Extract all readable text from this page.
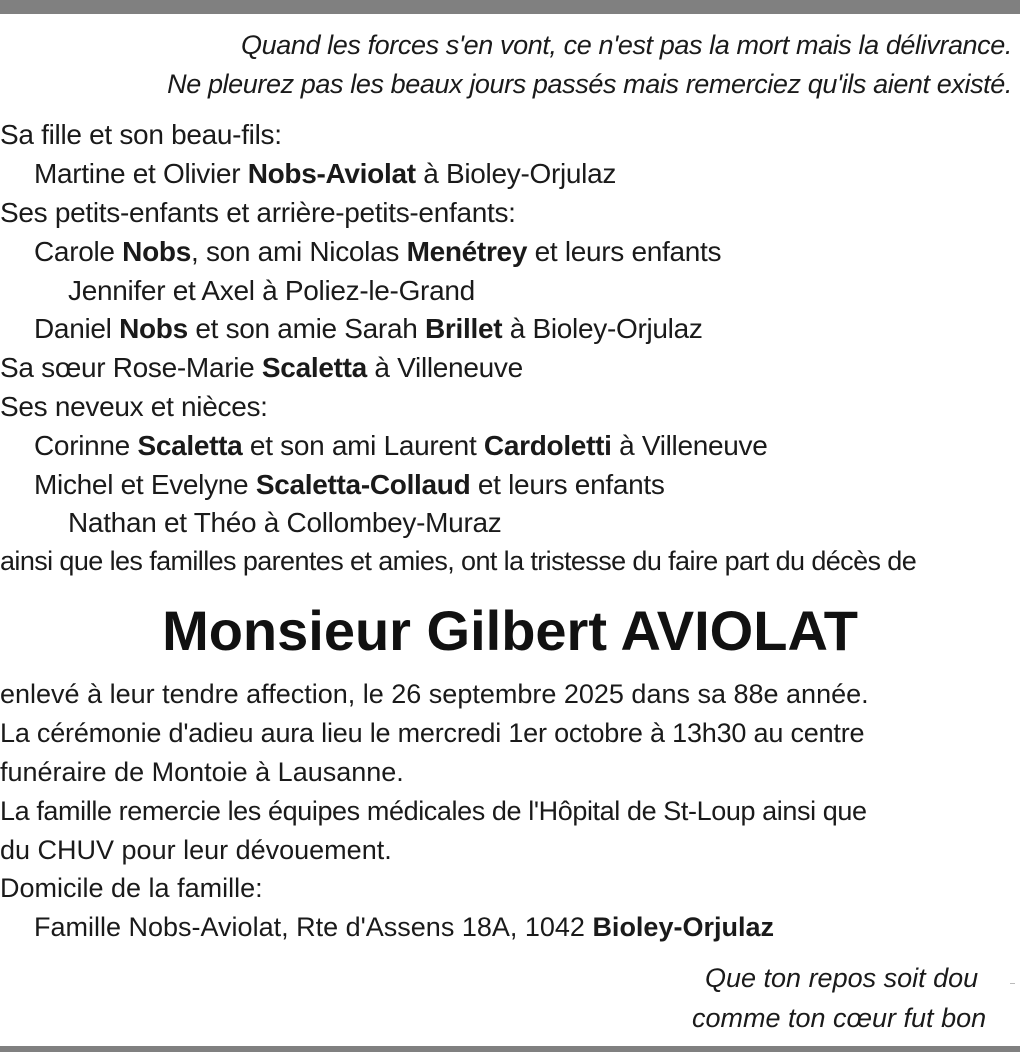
Quand les forces s'en vont, ce n'est pas la mort mais la délivrance.
Ne pleurez pas les beaux jours passés mais remerciez qu'ils aient existé.
Sa fille et son beau-fils:
Martine et Olivier Nobs-Aviolat à Bioley-Orjulaz
Ses petits-enfants et arrière-petits-enfants:
Carole Nobs, son ami Nicolas Menétrey et leurs enfants
Jennifer et Axel à Poliez-le-Grand
Daniel Nobs et son amie Sarah Brillet à Bioley-Orjulaz
Sa sœur Rose-Marie Scaletta à Villeneuve
Ses neveux et nièces:
Corinne Scaletta et son ami Laurent Cardoletti à Villeneuve
Michel et Evelyne Scaletta-Collaud et leurs enfants
Nathan et Théo à Collombey-Muraz
ainsi que les familles parentes et amies, ont la tristesse du faire part du décès de
Monsieur Gilbert AVIOLAT
enlevé à leur tendre affection, le 26 septembre 2025 dans sa 88e année.
La cérémonie d'adieu aura lieu le mercredi 1er octobre à 13h30 au centre
funéraire de Montoie à Lausanne.
La famille remercie les équipes médicales de l'Hôpital de St-Loup ainsi que
du CHUV pour leur dévouement.
Domicile de la famille:
Famille Nobs-Aviolat, Rte d'Assens 18A, 1042 Bioley-Orjulaz
Que ton repos soit dou
comme ton cœur fut bon
